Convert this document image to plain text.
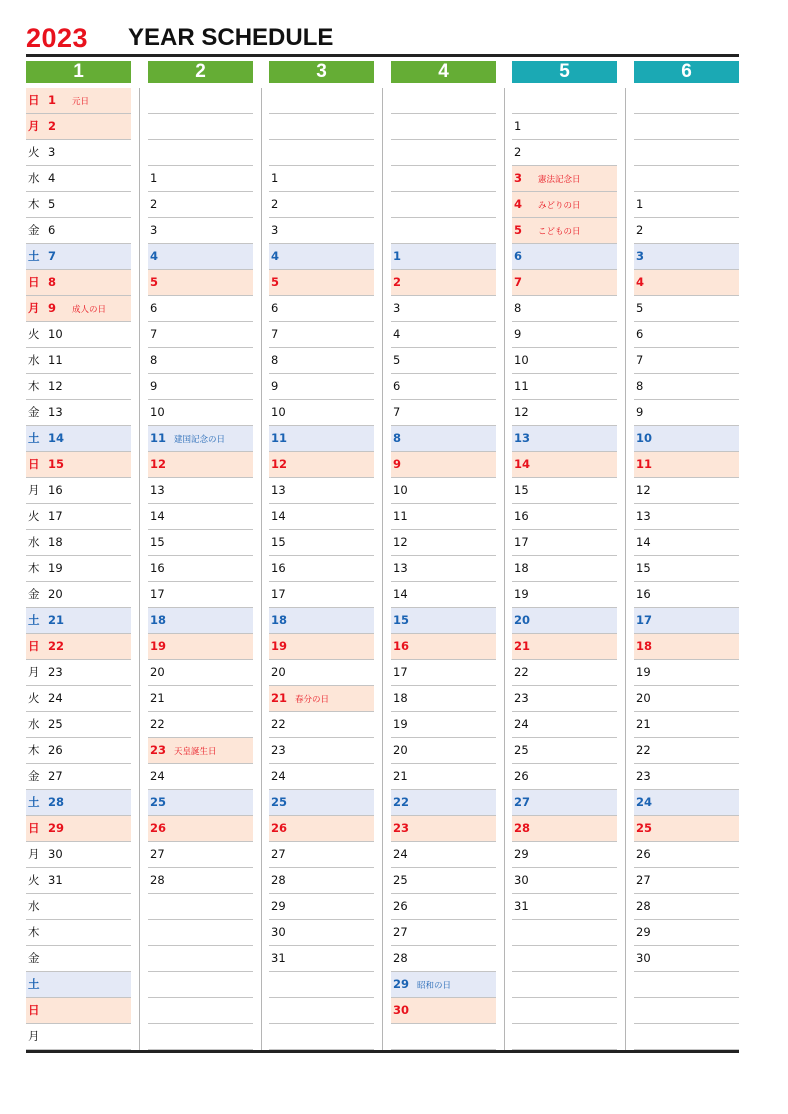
2023 YEAR SCHEDULE
1
日 1 元日
月 2
火 3
水 4
木 5
金 6
土 7
日 8
月 9 成人の日
火 10
水 11
木 12
金 13
土 14
日 15
月 16
火 17
水 18
木 19
金 20
土 21
日 22
月 23
火 24
水 25
木 26
金 27
土 28
日 29
月 30
火 31
水
木
金
土
日
月
2
1
2
3
4
5
6
7
8
9
10
11 建国記念の日
12
13
14
15
16
17
18
19
20
21
22
23 天皇誕生日
24
25
26
27
28
3
1
2
3
4
5
6
7
8
9
10
11
12
13
14
15
16
17
18
19
20
21 春分の日
22
23
24
25
26
27
28
29
30
31
4
1
2
3
4
5
6
7
8
9
10
11
12
13
14
15
16
17
18
19
20
21
22
23
24
25
26
27
28
29 昭和の日
30
5
1
2
3 憲法記念日
4 みどりの日
5 こどもの日
6
7
8
9
10
11
12
13
14
15
16
17
18
19
20
21
22
23
24
25
26
27
28
29
30
31
6
1
2
3
4
5
6
7
8
9
10
11
12
13
14
15
16
17
18
19
20
21
22
23
24
25
26
27
28
29
30
